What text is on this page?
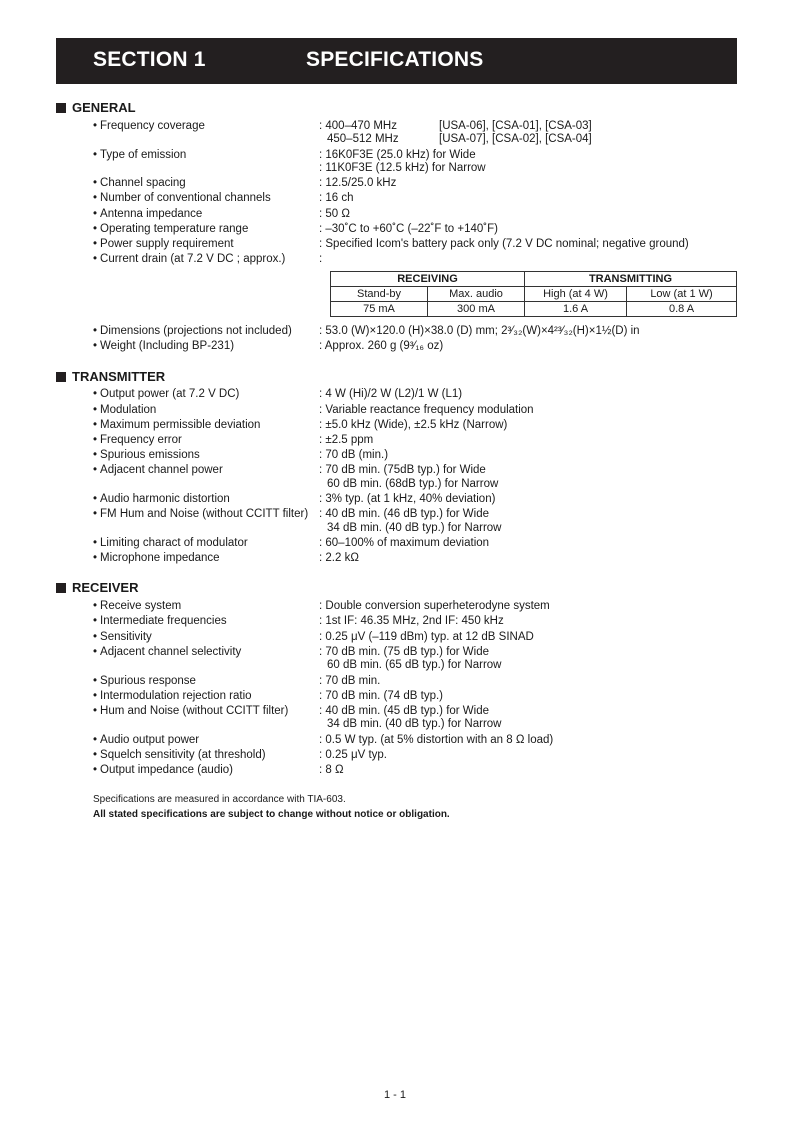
SECTION 1	SPECIFICATIONS
GENERAL
• Frequency coverage	: 400–470 MHz	[USA-06], [CSA-01], [CSA-03]
450–512 MHz	[USA-07], [CSA-02], [CSA-04]
• Type of emission	: 16K0F3E (25.0 kHz) for Wide
: 11K0F3E (12.5 kHz) for Narrow
• Channel spacing	: 12.5/25.0 kHz
• Number of conventional channels	: 16 ch
• Antenna impedance	: 50 Ω
• Operating temperature range	: –30˚C to +60˚C (–22˚F to +140˚F)
• Power supply requirement	: Specified Icom's battery pack only (7.2 V DC nominal; negative ground)
• Current drain (at 7.2 V DC ; approx.)	:
RECEIVING		TRANSMITTING	
Stand-by	Max. audio	High (at 4 W)	Low (at 1 W)
75 mA	300 mA	1.6 A	0.8 A
• Dimensions (projections not included) : 53.0 (W)×120.0 (H)×38.0 (D) mm; 2³⁄₃₂(W)×4²³⁄₃₂(H)×1½(D) in
• Weight (Including BP-231)	: Approx. 260 g (9³⁄₁₆ oz)
TRANSMITTER
• Output power (at 7.2 V DC)	: 4 W (Hi)/2 W (L2)/1 W (L1)
• Modulation	: Variable reactance frequency modulation
• Maximum permissible deviation	: ±5.0 kHz (Wide), ±2.5 kHz (Narrow)
• Frequency error	: ±2.5 ppm
• Spurious emissions	: 70 dB (min.)
• Adjacent channel power	: 70 dB min. (75dB typ.) for Wide
60 dB min. (68dB typ.) for Narrow
• Audio harmonic distortion	: 3% typ. (at 1 kHz, 40% deviation)
• FM Hum and Noise (without CCITT filter) : 40 dB min. (46 dB typ.) for Wide
34 dB min. (40 dB typ.) for Narrow
• Limiting charact of modulator	: 60–100% of maximum deviation
• Microphone impedance	: 2.2 kΩ
RECEIVER
• Receive system	: Double conversion superheterodyne system
• Intermediate frequencies	: 1st IF: 46.35 MHz, 2nd IF: 450 kHz
• Sensitivity	: 0.25 μV (–119 dBm) typ. at 12 dB SINAD
• Adjacent channel selectivity	: 70 dB min. (75 dB typ.) for Wide
60 dB min. (65 dB typ.) for Narrow
• Spurious response	: 70 dB min.
• Intermodulation rejection ratio	: 70 dB min. (74 dB typ.)
• Hum and Noise (without CCITT filter)	: 40 dB min. (45 dB typ.) for Wide
34 dB min. (40 dB typ.) for Narrow
• Audio output power	: 0.5 W typ. (at 5% distortion with an 8 Ω load)
• Squelch sensitivity (at threshold)	: 0.25 μV typ.
• Output impedance (audio)	: 8 Ω
Specifications are measured in accordance with TIA-603.
All stated specifications are subject to change without notice or obligation.
1 - 1
